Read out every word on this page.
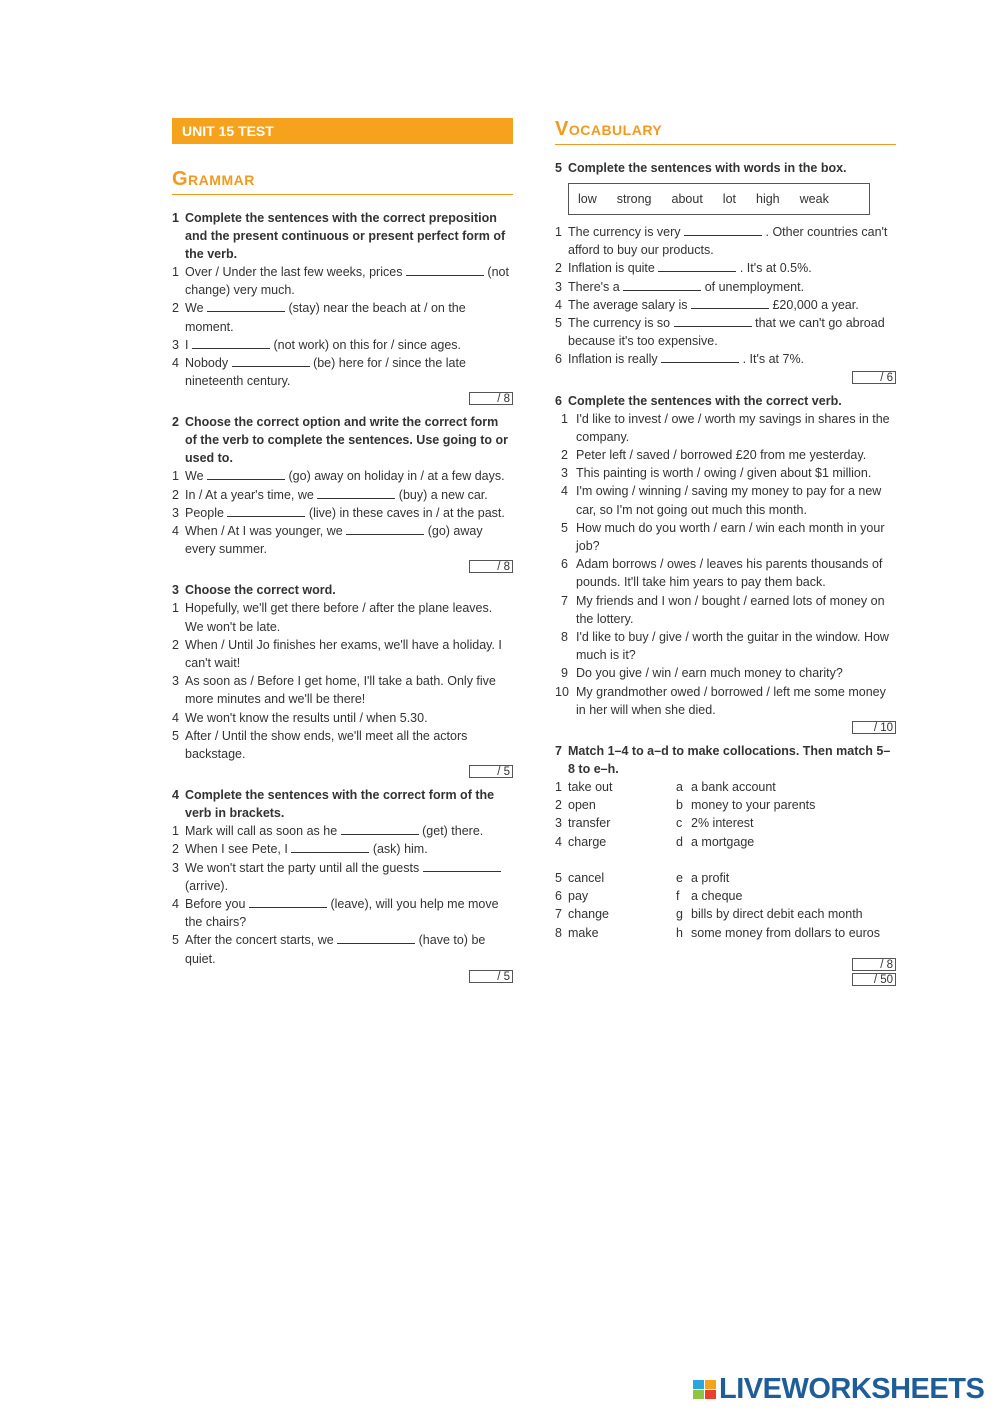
UNIT 15 TEST
Grammar
1 Complete the sentences with the correct preposition and the present continuous or present perfect form of the verb.
1 Over / Under the last few weeks, prices	(not change) very much.
2 We	(stay) near the beach at / on the moment.
3 I	(not work) on this for / since ages.
4 Nobody	(be) here for / since the late nineteenth century.
/ 8
2 Choose the correct option and write the correct form of the verb to complete the sentences. Use going to or used to.
1 We	(go) away on holiday in / at a few days.
2 In / At a year's time, we	(buy) a new car.
3 People	(live) in these caves in / at the past.
4 When / At I was younger, we	(go) away every summer.
/ 8
3 Choose the correct word.
1 Hopefully, we'll get there before / after the plane leaves. We won't be late.
2 When / Until Jo finishes her exams, we'll have a holiday. I can't wait!
3 As soon as / Before I get home, I'll take a bath. Only five more minutes and we'll be there!
4 We won't know the results until / when 5.30.
5 After / Until the show ends, we'll meet all the actors backstage.
/ 5
4 Complete the sentences with the correct form of the verb in brackets.
1 Mark will call as soon as he	(get) there.
2 When I see Pete, I	(ask) him.
3 We won't start the party until all the guests  (arrive).
4 Before you	(leave), will you help me move the chairs?
5 After the concert starts, we	(have to) be quiet.
/ 5
Vocabulary
5 Complete the sentences with words in the box.
low strong about lot high weak
1 The currency is very	. Other countries can't afford to buy our products.
2 Inflation is quite	. It's at 0.5%.
3 There's a	of unemployment.
4 The average salary is	£20,000 a year.
5 The currency is so	that we can't go abroad because it's too expensive.
6 Inflation is really	. It's at 7%.
/ 6
6 Complete the sentences with the correct verb.
1 I'd like to invest / owe / worth my savings in shares in the company.
2 Peter left / saved / borrowed £20 from me yesterday.
3 This painting is worth / owing / given about $1 million.
4 I'm owing / winning / saving my money to pay for a new car, so I'm not going out much this month.
5 How much do you worth / earn / win each month in your job?
6 Adam borrows / owes / leaves his parents thousands of pounds. It'll take him years to pay them back.
7 My friends and I won / bought / earned lots of money on the lottery.
8 I'd like to buy / give / worth the guitar in the window. How much is it?
9 Do you give / win / earn much money to charity?
10 My grandmother owed / borrowed / left me some money in her will when she died.
/ 10
7 Match 1–4 to a–d to make collocations. Then match 5–8 to e–h.
1 take out	a a bank account
2 open	b money to your parents
3 transfer	c 2% interest
4 charge	d a mortgage
5 cancel	e a profit
6 pay	f a cheque
7 change	g bills by direct debit each month
8 make	h some money from dollars to euros
/ 8
/ 50
LIVEWORKSHEETS
